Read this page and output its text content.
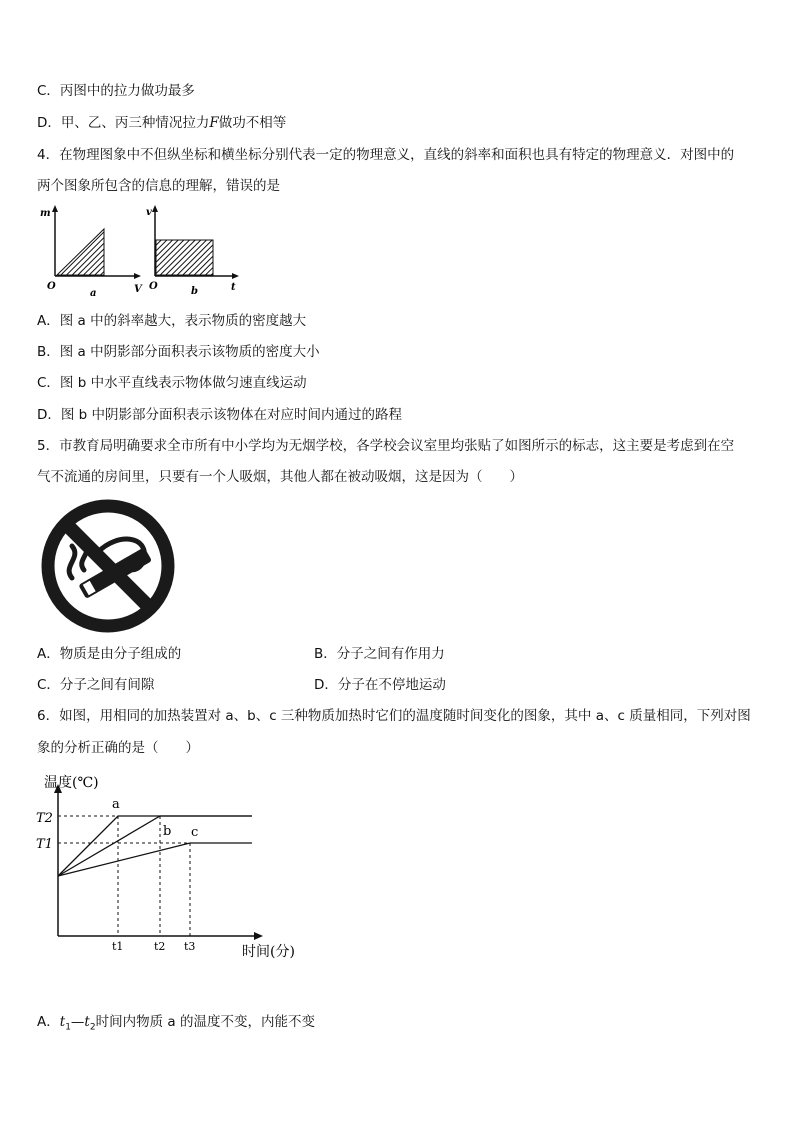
C．丙图中的拉力做功最多
D．甲、乙、丙三种情况拉力F做功不相等
4．在物理图象中不但纵坐标和横坐标分别代表一定的物理意义，直线的斜率和面积也具有特定的物理意义．对图中的
两个图象所包含的信息的理解，错误的是
m
O	V
a
v
O	t
b
A．图 a 中的斜率越大，表示物质的密度越大
B．图 a 中阴影部分面积表示该物质的密度大小
C．图 b 中水平直线表示物体做匀速直线运动
D．图 b 中阴影部分面积表示该物体在对应时间内通过的路程
5．市教育局明确要求全市所有中小学均为无烟学校，各学校会议室里均张贴了如图所示的标志，这主要是考虑到在空
气不流通的房间里，只要有一个人吸烟，其他人都在被动吸烟，这是因为（　　）
A．物质是由分子组成的	B．分子之间有作用力
C．分子之间有间隙	D．分子在不停地运动
6．如图，用相同的加热装置对 a、b、c 三种物质加热时它们的温度随时间变化的图象，其中 a、c 质量相同，下列对图
象的分析正确的是（　　）
温度(℃)
时间(分)
T2
T1
a
b c
t1	t2 t3
A．$t_1—t_2$时间内物质 a 的温度不变，内能不变
